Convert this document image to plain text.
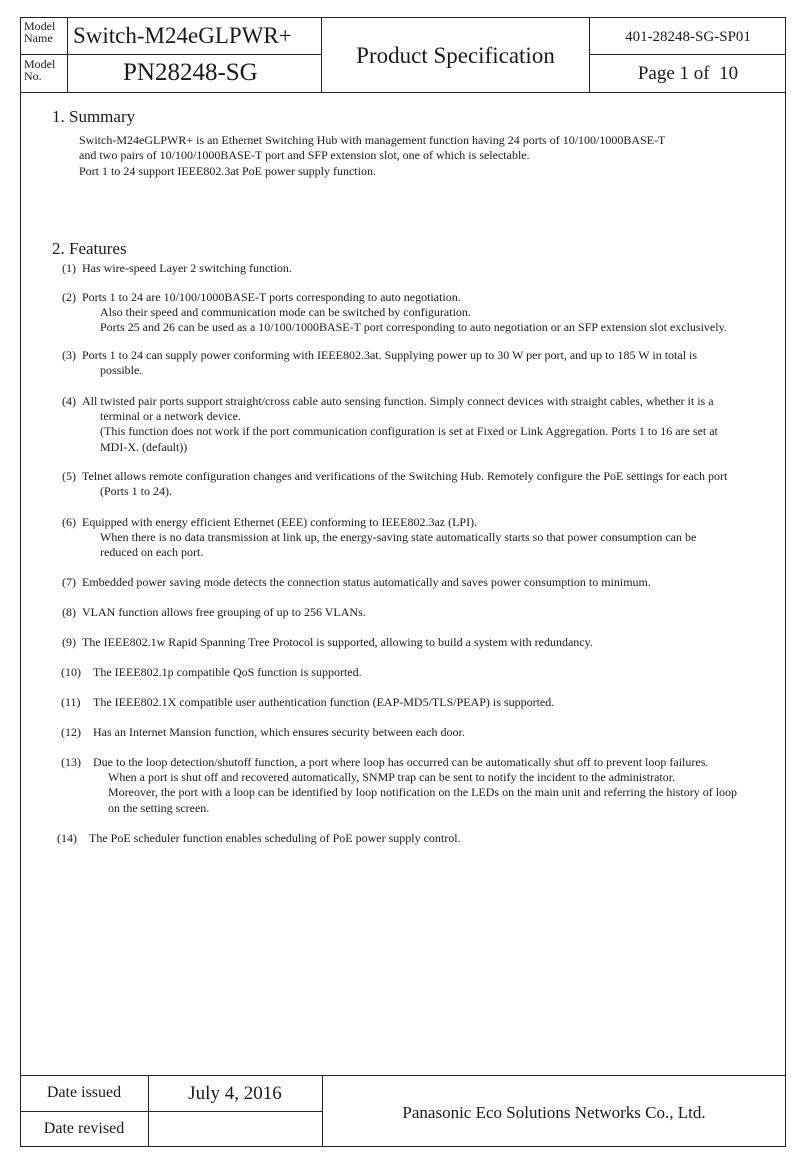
Model
Name Switch-M24eGLPWR+
Model
No.	PN28248-SG
Product Specification
401-28248-SG-SP01
Page 1 of  10
1. Summary
Switch-M24eGLPWR+ is an Ethernet Switching Hub with management function having 24 ports of 10/100/1000BASE-T
and two pairs of 10/100/1000BASE-T port and SFP extension slot, one of which is selectable.
Port 1 to 24 support IEEE802.3at PoE power supply function.
2. Features
(1) Has wire-speed Layer 2 switching function.
(2) Ports 1 to 24 are 10/100/1000BASE-T ports corresponding to auto negotiation.
Also their speed and communication mode can be switched by configuration.
Ports 25 and 26 can be used as a 10/100/1000BASE-T port corresponding to auto negotiation or an SFP extension slot exclusively.
(3) Ports 1 to 24 can supply power conforming with IEEE802.3at. Supplying power up to 30 W per port, and up to 185 W in total is
possible.
(4) All twisted pair ports support straight/cross cable auto sensing function. Simply connect devices with straight cables, whether it is a
terminal or a network device.
(This function does not work if the port communication configuration is set at Fixed or Link Aggregation. Ports 1 to 16 are set at
MDI-X. (default))
(5) Telnet allows remote configuration changes and verifications of the Switching Hub. Remotely configure the PoE settings for each port
(Ports 1 to 24).
(6) Equipped with energy efficient Ethernet (EEE) conforming to IEEE802.3az (LPI).
When there is no data transmission at link up, the energy-saving state automatically starts so that power consumption can be
reduced on each port.
(7) Embedded power saving mode detects the connection status automatically and saves power consumption to minimum.
(8) VLAN function allows free grouping of up to 256 VLANs.
(9) The IEEE802.1w Rapid Spanning Tree Protocol is supported, allowing to build a system with redundancy.
(10)	The IEEE802.1p compatible QoS function is supported.
(11)	The IEEE802.1X compatible user authentication function (EAP-MD5/TLS/PEAP) is supported.
(12)	Has an Internet Mansion function, which ensures security between each door.
(13)	Due to the loop detection/shutoff function, a port where loop has occurred can be automatically shut off to prevent loop failures.
When a port is shut off and recovered automatically, SNMP trap can be sent to notify the incident to the administrator.
Moreover, the port with a loop can be identified by loop notification on the LEDs on the main unit and referring the history of loop
on the setting screen.
(14)	The PoE scheduler function enables scheduling of PoE power supply control.
Date issued	July 4, 2016
Date revised
Panasonic Eco Solutions Networks Co., Ltd.
